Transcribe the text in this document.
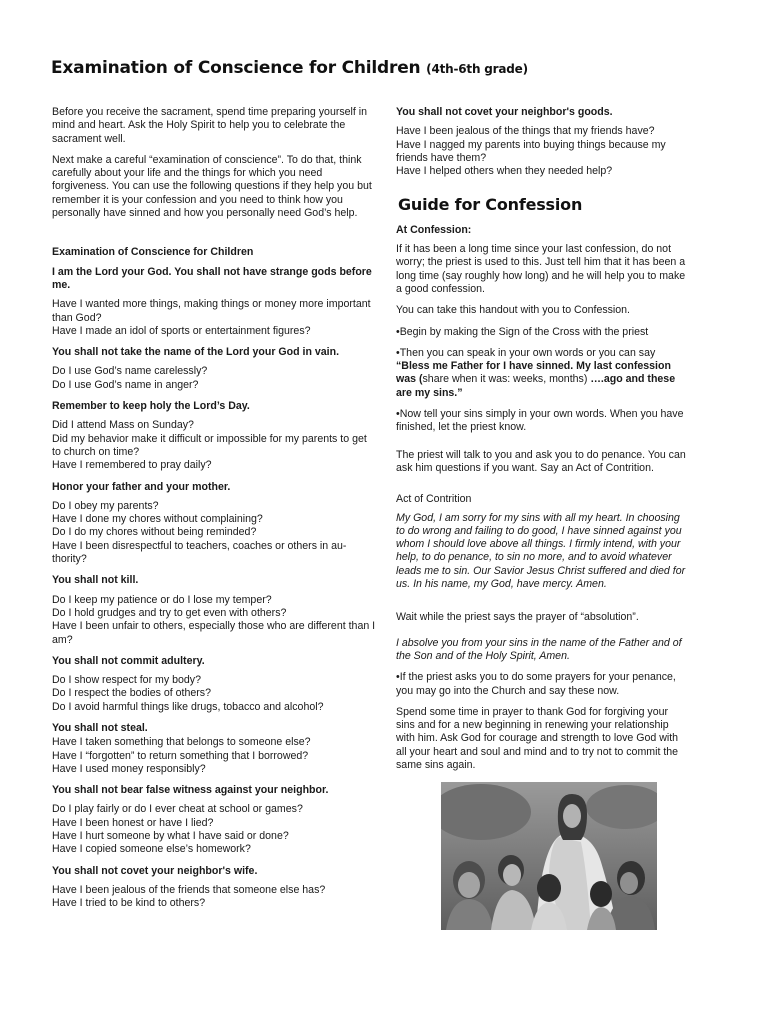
Examination of Conscience for Children (4th-6th grade)

Before you receive the sacrament, spend time preparing yourself in mind and heart. Ask the Holy Spirit to help you to celebrate the sacrament well.

Next make a careful “examination of conscience”. To do that, think carefully about your life and the things for which you need forgiveness. You can use the following questions if they help you but remember it is your confession and you need to think how you personally have sinned and how you personally need God’s help.

Examination of Conscience for Children

I am the Lord your God. You shall not have strange gods before me.

Have I wanted more things, making things or money more important than God?
Have I made an idol of sports or entertainment figures?

You shall not take the name of the Lord your God in vain.

Do I use God’s name carelessly?
Do I use God’s name in anger?

Remember to keep holy the Lord’s Day.

Did I attend Mass on Sunday?
Did my behavior make it difficult or impossible for my parents to get to church on time?
Have I remembered to pray daily?

Honor your father and your mother.

Do I obey my parents?
Have I done my chores without complaining?
Do I do my chores without being reminded?
Have I been disrespectful to teachers, coaches or others in au-thority?

You shall not kill.

Do I keep my patience or do I lose my temper?
Do I hold grudges and try to get even with others?
Have I been unfair to others, especially those who are different than I am?

You shall not commit adultery.

Do I show respect for my body?
Do I respect the bodies of others?
Do I avoid harmful things like drugs, tobacco and alcohol?

You shall not steal.

Have I taken something that belongs to someone else?
Have I “forgotten” to return something that I borrowed?
Have I used money responsibly?

You shall not bear false witness against your neighbor.

Do I play fairly or do I ever cheat at school or games?
Have I been honest or have I lied?
Have I hurt someone by what I have said or done?
Have I copied someone else’s homework?

You shall not covet your neighbor's wife.

Have I been jealous of the friends that someone else has?
Have I tried to be kind to others?

You shall not covet your neighbor's goods.

Have I been jealous of the things that my friends have?
Have I nagged my parents into buying things because my friends have them?
Have I helped others when they needed help?

Guide for Confession

At Confession:

If it has been a long time since your last confession, do not worry; the priest is used to this. Just tell him that it has been a long time (say roughly how long) and he will help you to make a good confession.

You can take this handout with you to Confession.

•Begin by making the Sign of the Cross with the priest

•Then you can speak in your own words or you can say “Bless me Father for I have sinned. My last confession was (share when it was: weeks, months) ….ago and these are my sins.”

•Now tell your sins simply in your own words. When you have finished, let the priest know.

The priest will talk to you and ask you to do penance. You can ask him questions if you want. Say an Act of Contrition.

Act of Contrition

My God, I am sorry for my sins with all my heart. In choosing to do wrong and failing to do good, I have sinned against you whom I should love above all things. I firmly intend, with your help, to do penance, to sin no more, and to avoid whatever leads me to sin. Our Savior Jesus Christ suffered and died for us. In his name, my God, have mercy. Amen.

Wait while the priest says the prayer of “absolution”.

I absolve you from your sins in the name of the Father and of the Son and of the Holy Spirit, Amen.

•If the priest asks you to do some prayers for your penance, you may go into the Church and say these now.

Spend some time in prayer to thank God for forgiving your sins and for a new beginning in renewing your relationship with him. Ask God for courage and strength to love God with all your heart and soul and mind and to try not to commit the same sins again.
